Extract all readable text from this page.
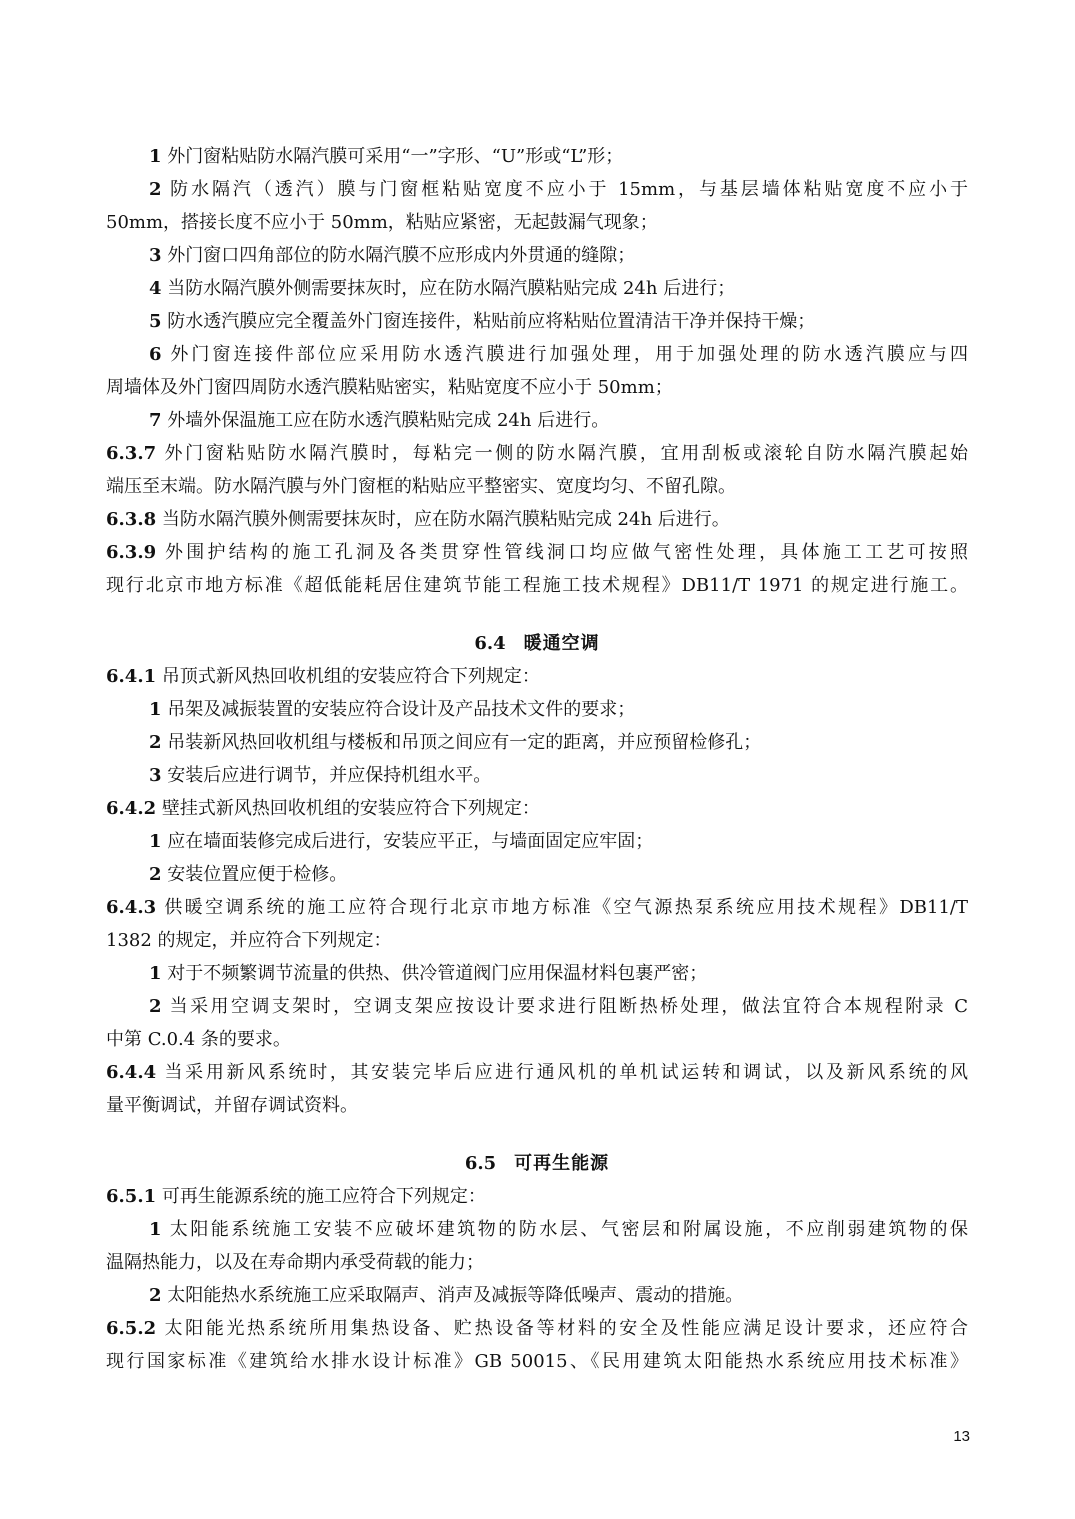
1 外门窗粘贴防水隔汽膜可采用“一”字形、“U”形或“L”形；
2 防水隔汽（透汽）膜与门窗框粘贴宽度不应小于 15mm，与基层墙体粘贴宽度不应小于
50mm，搭接长度不应小于 50mm，粘贴应紧密，无起鼓漏气现象；
3 外门窗口四角部位的防水隔汽膜不应形成内外贯通的缝隙；
4 当防水隔汽膜外侧需要抹灰时，应在防水隔汽膜粘贴完成 24h 后进行；
5 防水透汽膜应完全覆盖外门窗连接件，粘贴前应将粘贴位置清洁干净并保持干燥；
6 外门窗连接件部位应采用防水透汽膜进行加强处理，用于加强处理的防水透汽膜应与四
周墙体及外门窗四周防水透汽膜粘贴密实，粘贴宽度不应小于 50mm；
7 外墙外保温施工应在防水透汽膜粘贴完成 24h 后进行。
6.3.7 外门窗粘贴防水隔汽膜时，每粘完一侧的防水隔汽膜，宜用刮板或滚轮自防水隔汽膜起始
端压至末端。防水隔汽膜与外门窗框的粘贴应平整密实、宽度均匀、不留孔隙。
6.3.8 当防水隔汽膜外侧需要抹灰时，应在防水隔汽膜粘贴完成 24h 后进行。
6.3.9 外围护结构的施工孔洞及各类贯穿性管线洞口均应做气密性处理，具体施工工艺可按照
现行北京市地方标准《超低能耗居住建筑节能工程施工技术规程》DB11/T 1971 的规定进行施工。
6.4 暖通空调
6.4.1 吊顶式新风热回收机组的安装应符合下列规定：
1 吊架及减振装置的安装应符合设计及产品技术文件的要求；
2 吊装新风热回收机组与楼板和吊顶之间应有一定的距离，并应预留检修孔；
3 安装后应进行调节，并应保持机组水平。
6.4.2 壁挂式新风热回收机组的安装应符合下列规定：
1 应在墙面装修完成后进行，安装应平正，与墙面固定应牢固；
2 安装位置应便于检修。
6.4.3 供暖空调系统的施工应符合现行北京市地方标准《空气源热泵系统应用技术规程》DB11/T
1382 的规定，并应符合下列规定：
1 对于不频繁调节流量的供热、供冷管道阀门应用保温材料包裹严密；
2 当采用空调支架时，空调支架应按设计要求进行阻断热桥处理，做法宜符合本规程附录 C
中第 C.0.4 条的要求。
6.4.4 当采用新风系统时，其安装完毕后应进行通风机的单机试运转和调试，以及新风系统的风
量平衡调试，并留存调试资料。
6.5 可再生能源
6.5.1 可再生能源系统的施工应符合下列规定：
1 太阳能系统施工安装不应破坏建筑物的防水层、气密层和附属设施，不应削弱建筑物的保
温隔热能力，以及在寿命期内承受荷载的能力；
2 太阳能热水系统施工应采取隔声、消声及减振等降低噪声、震动的措施。
6.5.2 太阳能光热系统所用集热设备、贮热设备等材料的安全及性能应满足设计要求，还应符合
现行国家标准《建筑给水排水设计标准》GB 50015、《民用建筑太阳能热水系统应用技术标准》
13
